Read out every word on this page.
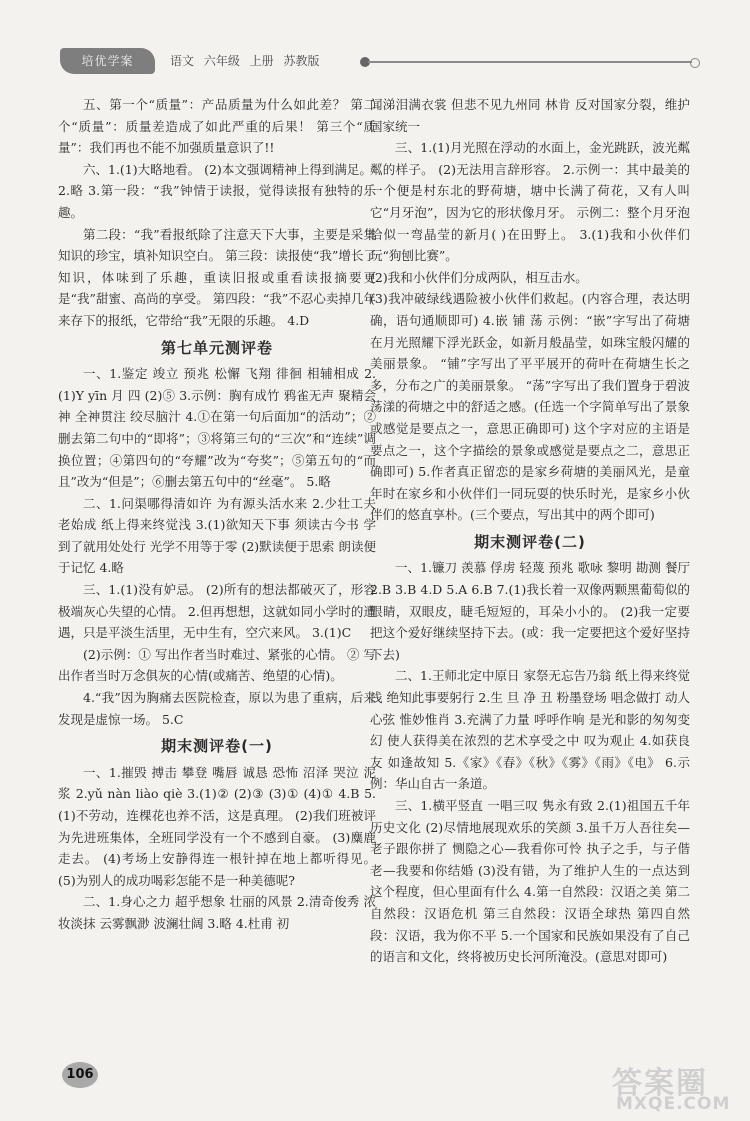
培优学案	语文 六年级 上册 苏教版

五、第一个“质量”：产品质量为什么如此差？ 第二个“质量”：质量差造成了如此严重的后果！ 第三个“质量”：我们再也不能不加强质量意识了!!

六、1.(1)大略地看。 (2)本文强调精神上得到满足。

2.略 3.第一段：“我”钟情于读报，觉得读报有独特的乐趣。

第二段：“我”看报纸除了注意天下大事，主要是采集知识的珍宝，填补知识空白。 第三段：读报使“我”增长了知识，体味到了乐趣，重读旧报或重看读报摘要更是“我”甜蜜、高尚的享受。 第四段：“我”不忍心卖掉几年来存下的报纸，它带给“我”无限的乐趣。 4.D

第七单元测评卷

一、1.鉴定 竣立 预兆 松懈 飞翔 徘徊 相辅相成 2.(1)Y yīn 月 四 (2)⑤ 3.示例：胸有成竹 鸦雀无声 聚精会神 全神贯注 绞尽脑汁 4.①在第一句后面加“的活动”；②删去第二句中的“即将”；③将第三句的“三次”和“连续”调换位置；④第四句的“夸耀”改为“夸奖”；⑤第五句的“而且”改为“但是”；⑥删去第五句中的“丝毫”。 5.略

二、1.问渠哪得清如许 为有源头活水来 2.少壮工夫老始成 纸上得来终觉浅 3.(1)欲知天下事 须读古今书 学到了就用处处行 光学不用等于零 (2)默读便于思索 朗读便于记忆 4.略

三、1.(1)没有妒忌。 (2)所有的想法都破灭了，形容极端灰心失望的心情。 2.但再想想，这就如同小学时的遭遇，只是平淡生活里，无中生有，空穴来风。 3.(1)C

(2)示例：① 写出作者当时难过、紧张的心情。 ② 写出作者当时万念俱灰的心情(或痛苦、绝望的心情)。

4.“我”因为胸痛去医院检查，原以为患了重病，后来发现是虚惊一场。 5.C

期末测评卷(一)

一、1.摧毁 搏击 攀登 嘴唇 诚恳 恐怖 沼泽 哭泣 泥浆 2.yǔ nàn liào qiè 3.(1)② (2)③ (3)① (4)① 4.B 5.(1)不劳动，连棵花也养不活，这是真理。 (2)我们班被评为先进班集体，全班同学没有一个不感到自豪。 (3)麋鹿走去。 (4)考场上安静得连一根针掉在地上都听得见。 (5)为别人的成功喝彩怎能不是一种美德呢?

二、1.身心之力 超乎想象 壮丽的风景 2.清奇俊秀 浓妆淡抹 云雾飘渺 波澜壮阔 3.略 4.杜甫 初

闻涕泪满衣裳 但悲不见九州同 林肯 反对国家分裂，维护国家统一

三、1.(1)月光照在浮动的水面上，金光跳跃，波光粼粼的样子。 (2)无法用言辞形容。 2.示例一：其中最美的一个便是村东北的野荷塘，塘中长满了荷花，又有人叫它“月牙泡”，因为它的形状像月牙。 示例二：整个月牙泡恰似一弯晶莹的新月( )在田野上。 3.(1)我和小伙伴们玩“狗刨比赛”。

(2)我和小伙伴们分成两队，相互击水。

(3)我冲破绿线遇险被小伙伴们救起。(内容合理，表达明确，语句通顺即可) 4.嵌 铺 荡 示例：“嵌”字写出了荷塘在月光照耀下浮光跃金，如新月般晶莹，如珠宝般闪耀的美丽景象。 “铺”字写出了平平展开的荷叶在荷塘生长之多，分布之广的美丽景象。 “荡”字写出了我们置身于碧波荡漾的荷塘之中的舒适之感。(任选一个字简单写出了景象或感觉是要点之一，意思正确即可) 这个字对应的主语是要点之一，这个字描绘的景象或感觉是要点之二，意思正确即可) 5.作者真正留恋的是家乡荷塘的美丽风光，是童年时在家乡和小伙伴们一同玩耍的快乐时光，是家乡小伙伴们的悠直享朴。(三个要点，写出其中的两个即可)

期末测评卷(二)

一、1.镰刀 羡慕 俘虏 轻蔑 预兆 歌咏 黎明 勘测 餐厅 2.B 3.B 4.D 5.A 6.B 7.(1)我长着一双像两颗黑葡萄似的眼睛，双眼皮，睫毛短短的，耳朵小小的。 (2)我一定要把这个爱好继续坚持下去。(或：我一定要把这个爱好坚持下去)

二、1.王师北定中原日 家祭无忘告乃翁 纸上得来终觉浅 绝知此事要躬行 2.生 旦 净 丑 粉墨登场 唱念做打 动人心弦 惟妙惟肖 3.充满了力量 呼呼作响 是光和影的匆匆变幻 使人获得美在浓烈的艺术享受之中 叹为观止 4.如获良友 如逢故知 5.《家》《春》《秋》《雾》《雨》《电》 6.示例：华山自古一条道。

三、1.横平竖直 一唱三叹 隽永有致 2.(1)祖国五千年历史文化 (2)尽情地展现欢乐的笑颜 3.虽千万人吾往矣—老子跟你拼了 恻隐之心—我看你可怜 执子之手，与子偕老—我要和你结婚 (3)没有错，为了维护人生的一点达到这个程度，但心里面有什么 4.第一自然段：汉语之美 第二自然段：汉语危机 第三自然段：汉语全球热 第四自然段：汉语，我为你不平 5.一个国家和民族如果没有了自己的语言和文化，终将被历史长河所淹没。(意思对即可)

106	答案圈
MXQE.COM
